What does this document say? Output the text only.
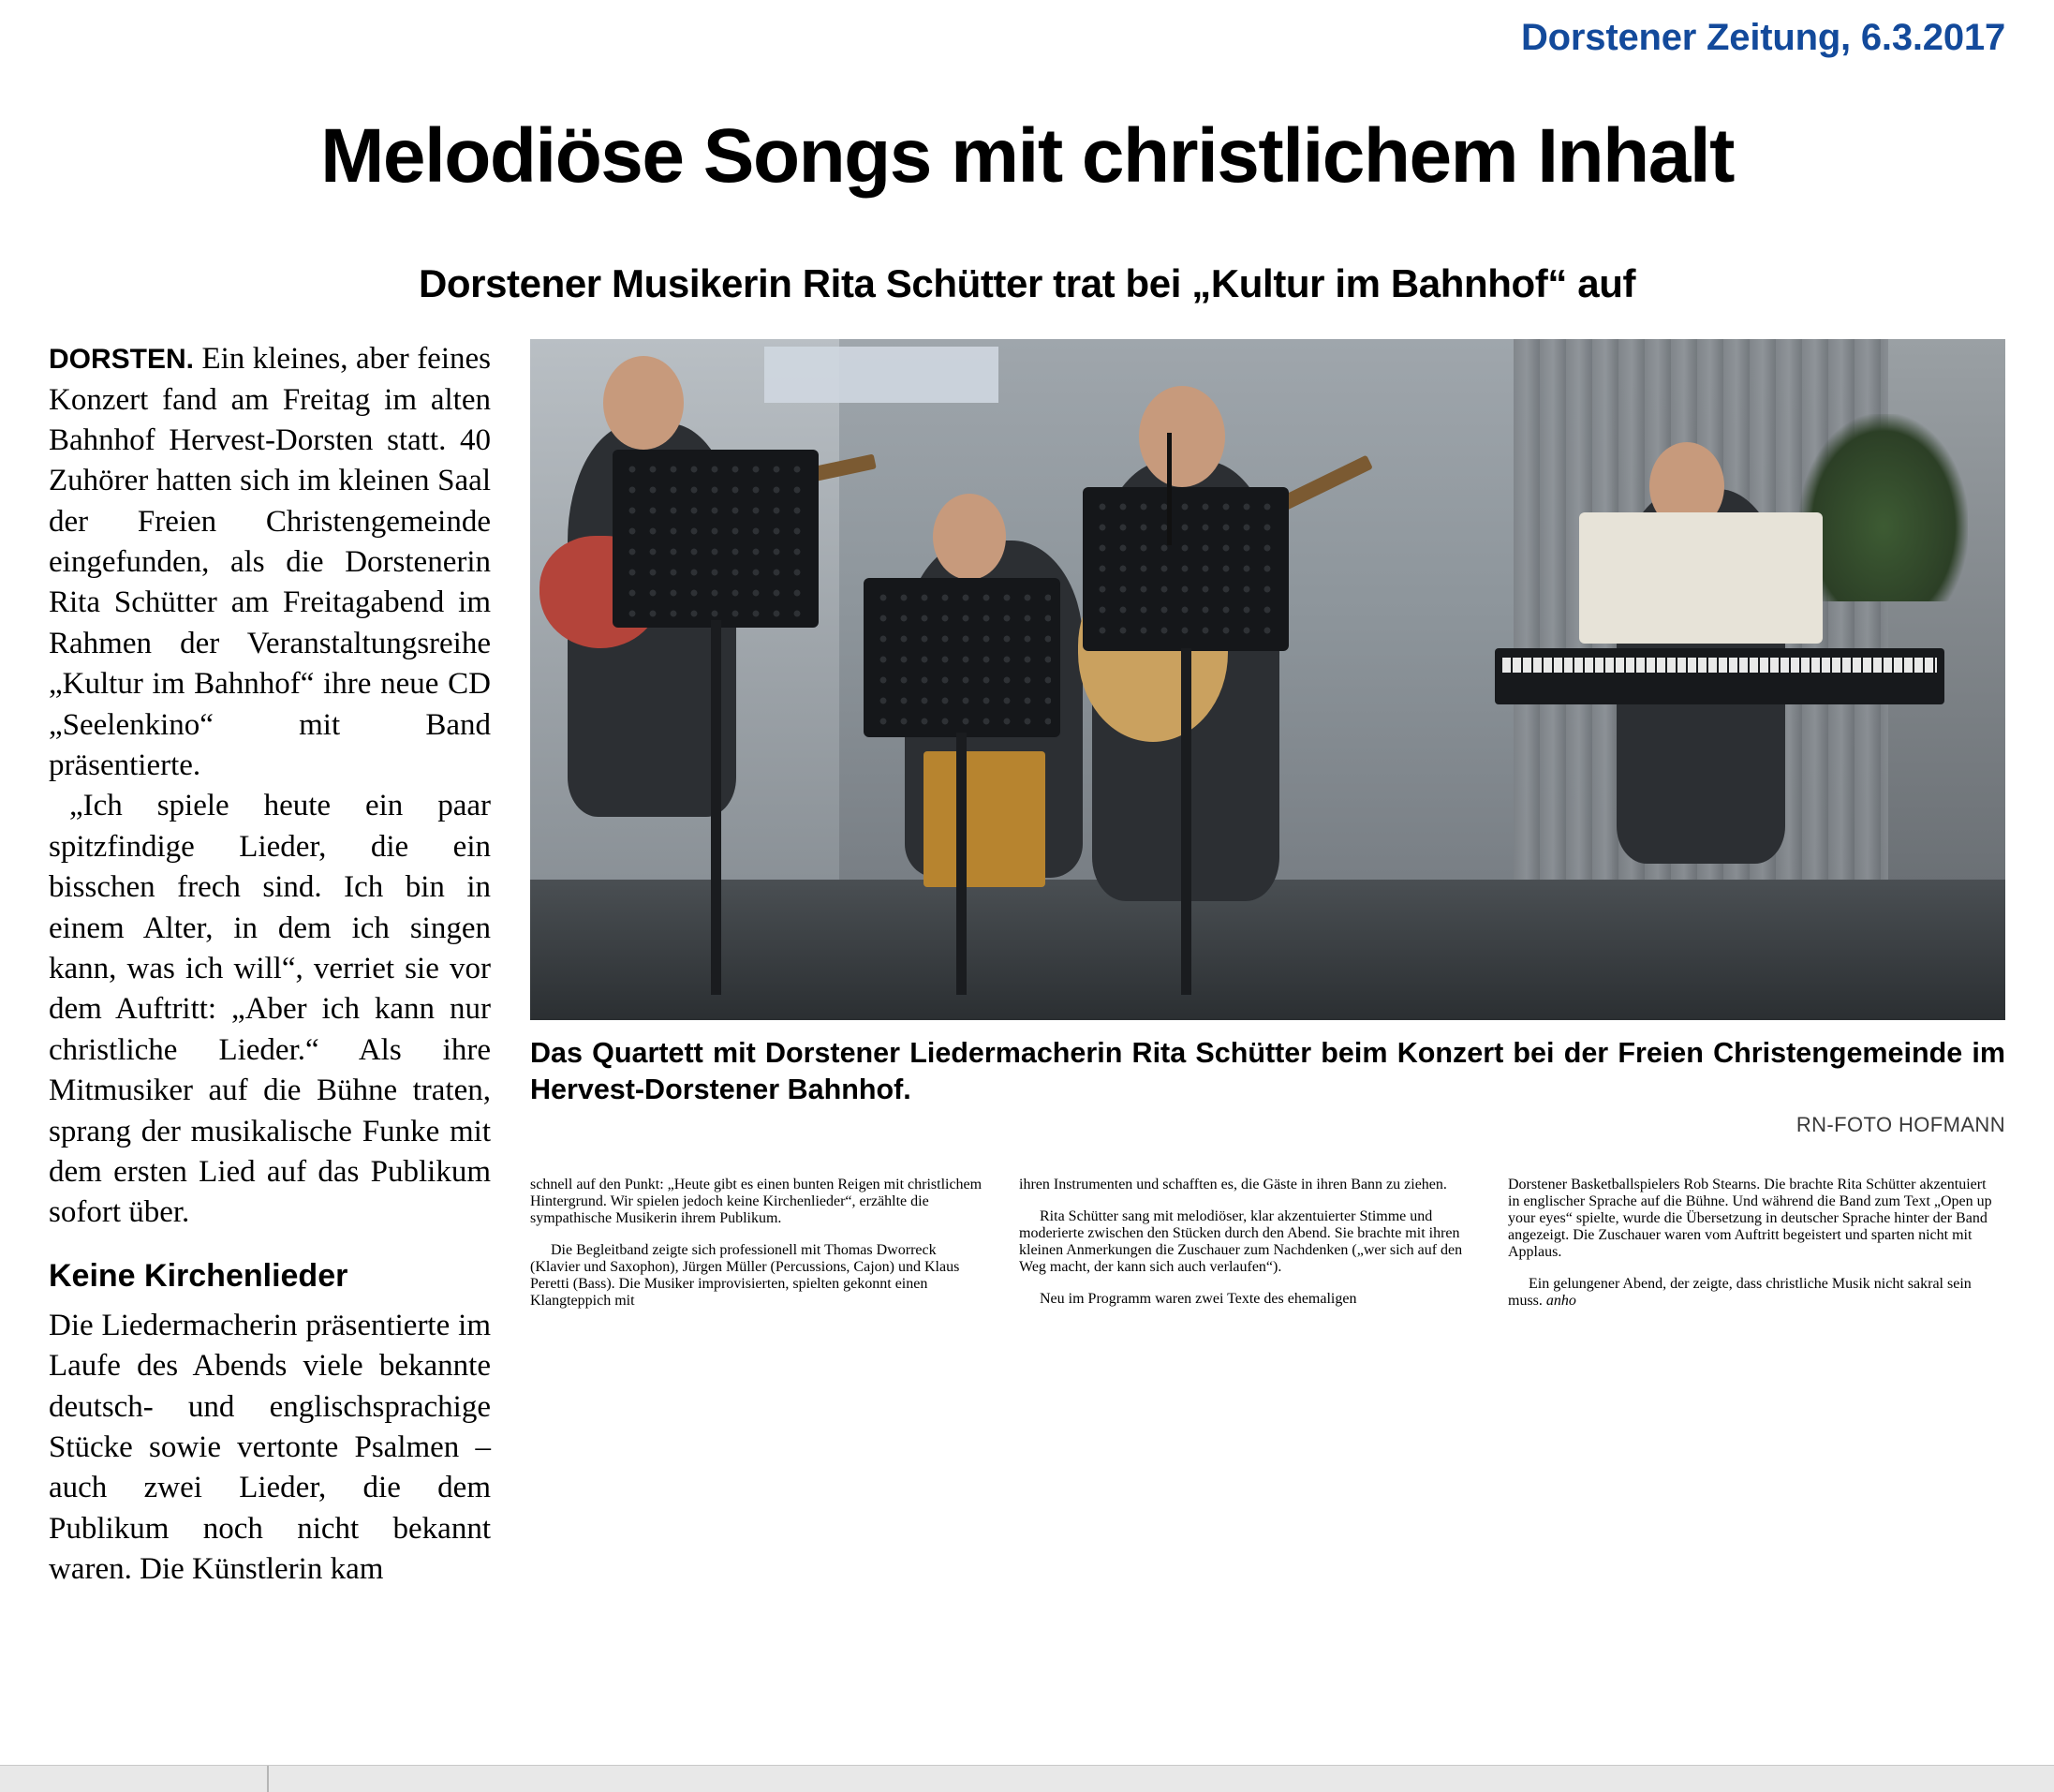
Dorstener Zeitung, 6.3.2017
Melodiöse Songs mit christlichem Inhalt
Dorstener Musikerin Rita Schütter trat bei „Kultur im Bahnhof“ auf

DORSTEN. Ein kleines, aber feines Konzert fand am Freitag im alten Bahnhof Hervest-Dorsten statt. 40 Zuhörer hatten sich im kleinen Saal der Freien Christengemeinde eingefunden, als die Dorstenerin Rita Schütter am Freitagabend im Rahmen der Veranstaltungsreihe „Kultur im Bahnhof“ ihre neue CD „Seelenkino“ mit Band präsentierte.

„Ich spiele heute ein paar spitzfindige Lieder, die ein bisschen frech sind. Ich bin in einem Alter, in dem ich singen kann, was ich will“, verriet sie vor dem Auftritt: „Aber ich kann nur christliche Lieder.“ Als ihre Mitmusiker auf die Bühne traten, sprang der musikalische Funke mit dem ersten Lied auf das Publikum sofort über.

Keine Kirchenlieder

Die Liedermacherin präsentierte im Laufe des Abends viele bekannte deutsch- und englischsprachige Stücke sowie vertonte Psalmen – auch zwei Lieder, die dem Publikum noch nicht bekannt waren. Die Künstlerin kam

Das Quartett mit Dorstener Liedermacherin Rita Schütter beim Konzert bei der Freien Christengemeinde im Hervest-Dorstener Bahnhof.
RN-FOTO HOFMANN

schnell auf den Punkt: „Heute gibt es einen bunten Reigen mit christlichem Hintergrund. Wir spielen jedoch keine Kirchenlieder“, erzählte die sympathische Musikerin ihrem Publikum.

Die Begleitband zeigte sich professionell mit Thomas Dworreck (Klavier und Saxophon), Jürgen Müller (Percussions, Cajon) und Klaus Peretti (Bass). Die Musiker improvisierten, spielten gekonnt einen Klangteppich mit

ihren Instrumenten und schafften es, die Gäste in ihren Bann zu ziehen.

Rita Schütter sang mit melodiöser, klar akzentuierter Stimme und moderierte zwischen den Stücken durch den Abend. Sie brachte mit ihren kleinen Anmerkungen die Zuschauer zum Nachdenken („wer sich auf den Weg macht, der kann sich auch verlaufen“).

Neu im Programm waren zwei Texte des ehemaligen

Dorstener Basketballspielers Rob Stearns. Die brachte Rita Schütter akzentuiert in englischer Sprache auf die Bühne. Und während die Band zum Text „Open up your eyes“ spielte, wurde die Übersetzung in deutscher Sprache hinter der Band angezeigt. Die Zuschauer waren vom Auftritt begeistert und sparten nicht mit Applaus.

Ein gelungener Abend, der zeigte, dass christliche Musik nicht sakral sein muss. anho
